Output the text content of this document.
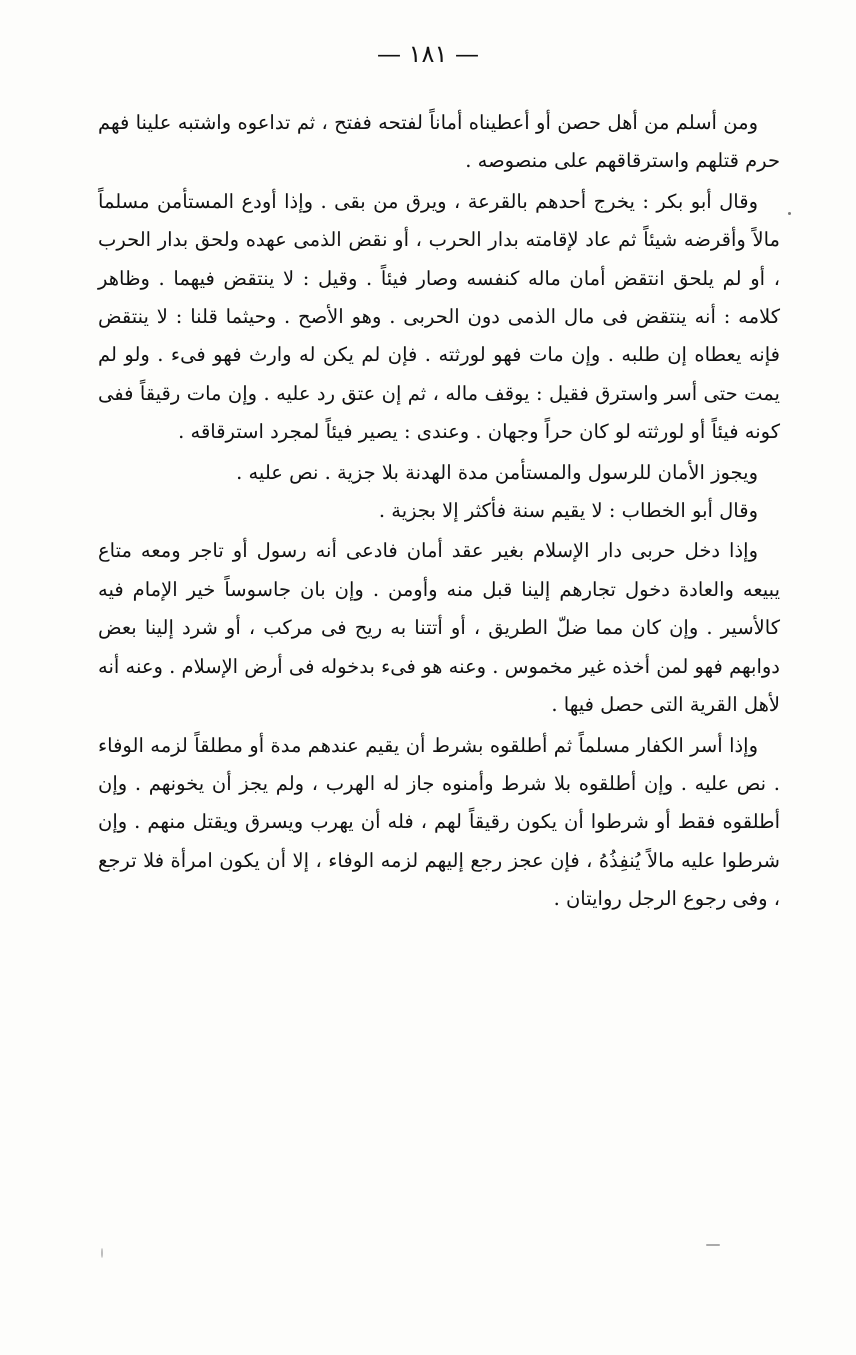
— ١٨١ —

ومن أسلم من أهل حصن أو أعطيناه أماناً لفتحه ففتح ، ثم تداعوه واشتبه علينا فهم حرم قتلهم واسترقاقهم على منصوصه .

وقال أبو بكر : يخرج أحدهم بالقرعة ، ويرق من بقى . وإذا أودع المستأمن مسلماً مالاً وأقرضه شيئاً ثم عاد لإقامته بدار الحرب ، أو نقض الذمى عهده ولحق بدار الحرب ، أو لم يلحق انتقض أمان ماله كنفسه وصار فيئاً . وقيل : لا ينتقض فيهما . وظاهر كلامه : أنه ينتقض فى مال الذمى دون الحربى . وهو الأصح . وحيثما قلنا : لا ينتقض فإنه يعطاه إن طلبه . وإن مات فهو لورثته . فإن لم يكن له وارث فهو فىء . ولو لم يمت حتى أسر واسترق فقيل : يوقف ماله ، ثم إن عتق رد عليه . وإن مات رقيقاً ففى كونه فيئاً أو لورثته لو كان حراً وجهان . وعندى : يصير فيئاً لمجرد استرقاقه .

ويجوز الأمان للرسول والمستأمن مدة الهدنة بلا جزية . نص عليه .

وقال أبو الخطاب : لا يقيم سنة فأكثر إلا بجزية .

وإذا دخل حربى دار الإسلام بغير عقد أمان فادعى أنه رسول أو تاجر ومعه متاع يبيعه والعادة دخول تجارهم إلينا قبل منه وأومن . وإن بان جاسوساً خير الإمام فيه كالأسير . وإن كان مما ضلّ الطريق ، أو أتتنا به ريح فى مركب ، أو شرد إلينا بعض دوابهم فهو لمن أخذه غير مخموس . وعنه هو فىء بدخوله فى أرض الإسلام . وعنه أنه لأهل القرية التى حصل فيها .

وإذا أسر الكفار مسلماً ثم أطلقوه بشرط أن يقيم عندهم مدة أو مطلقاً لزمه الوفاء . نص عليه . وإن أطلقوه بلا شرط وأمنوه جاز له الهرب ، ولم يجز أن يخونهم . وإن أطلقوه فقط أو شرطوا أن يكون رقيقاً لهم ، فله أن يهرب ويسرق ويقتل منهم . وإن شرطوا عليه مالاً يُنفِذُهُ ، فإن عجز رجع إليهم لزمه الوفاء ، إلا أن يكون امرأة فلا ترجع ، وفى رجوع الرجل روايتان .
